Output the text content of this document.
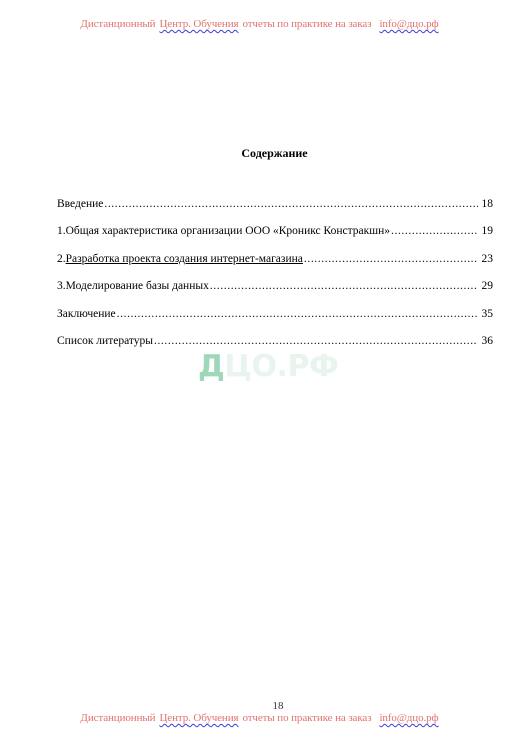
Дистанционный Центр. Обучения отчеты по практике на заказ info@дцо.рф
Содержание
Введение .....	18
1. Общая характеристика организации ООО «Кроникс Констракшн» .....	19
2. Разработка проекта создания интернет-магазина .....	23
3. Моделирование базы данных .....	29
Заключение .....	35
Список литературы .....	36
ДЦО.РФ
18
Дистанционный Центр. Обучения отчеты по практике на заказ info@дцо.рф
